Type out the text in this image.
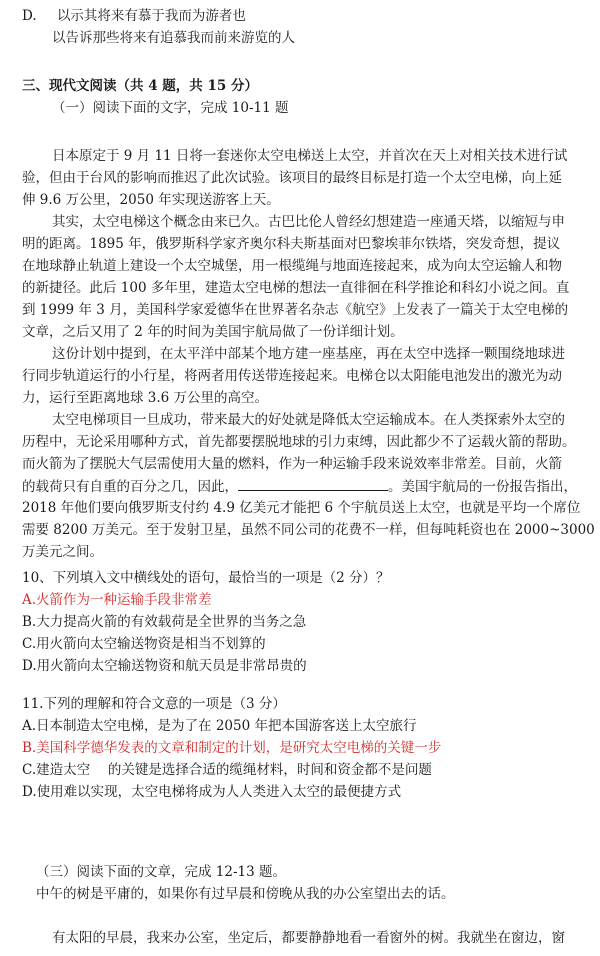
D. 以示其将来有慕于我而为游者也
以告诉那些将来有追慕我而前来游览的人
三、现代文阅读（共 4 题，共 15 分）
（一）阅读下面的文字，完成 10-11 题
日本原定于 9 月 11 日将一套迷你太空电梯送上太空，并首次在天上对相关技术进行试
验，但由于台风的影响而推迟了此次试验。该项目的最终目标是打造一个太空电梯，向上延
伸 9.6 万公里，2050 年实现送游客上天。
其实，太空电梯这个概念由来已久。古巴比伦人曾经幻想建造一座通天塔，以缩短与申
明的距离。1895 年，俄罗斯科学家齐奥尔科夫斯基面对巴黎埃菲尔铁塔，突发奇想，提议
在地球静止轨道上建设一个太空城堡，用一根缆绳与地面连接起来，成为向太空运输人和物
的新捷径。此后 100 多年里，建造太空电梯的想法一直徘徊在科学推论和科幻小说之间。直
到 1999 年 3 月，美国科学家爱德华在世界著名杂志《航空》上发表了一篇关于太空电梯的
文章，之后又用了 2 年的时间为美国宇航局做了一份详细计划。
这份计划中提到，在太平洋中部某个地方建一座基座，再在太空中选择一颗围绕地球进
行同步轨道运行的小行星，将两者用传送带连接起来。电梯仓以太阳能电池发出的激光为动
力，运行至距离地球 3.6 万公里的高空。
太空电梯项目一旦成功，带来最大的好处就是降低太空运输成本。在人类探索外太空的
历程中，无论采用哪种方式，首先都要摆脱地球的引力束缚，因此都少不了运载火箭的帮助。
而火箭为了摆脱大气层需使用大量的燃料，作为一种运输手段来说效率非常差。目前，火箭
的载荷只有自重的百分之几，因此，	。美国宇航局的一份报告指出，
2018 年他们要向俄罗斯支付约 4.9 亿美元才能把 6 个宇航员送上太空，也就是平均一个席位
需要 8200 万美元。至于发射卫星，虽然不同公司的花费不一样，但每吨耗资也在 2000~3000
万美元之间。
10、下列填入文中横线处的语句，最恰当的一项是（2 分）？
A.火箭作为一种运输手段非常差
B.大力提高火箭的有效载荷是全世界的当务之急
C.用火箭向太空输送物资是相当不划算的
D.用火箭向太空输送物资和航天员是非常昂贵的
11.下列的理解和符合文意的一项是（3 分）
A.日本制造太空电梯，是为了在 2050 年把本国游客送上太空旅行
B.美国科学德华发表的文章和制定的计划，是研究太空电梯的关键一步
C.建造太空　 的关键是选择合适的缆绳材料，时间和资金都不是问题
D.使用难以实现，太空电梯将成为人人类进入太空的最便捷方式
（三）阅读下面的文章，完成 12-13 题。
中午的树是平庸的，如果你有过早晨和傍晚从我的办公室望出去的话。
有太阳的早晨，我来办公室，坐定后，都要静静地看一看窗外的树。我就坐在窗边，窗
